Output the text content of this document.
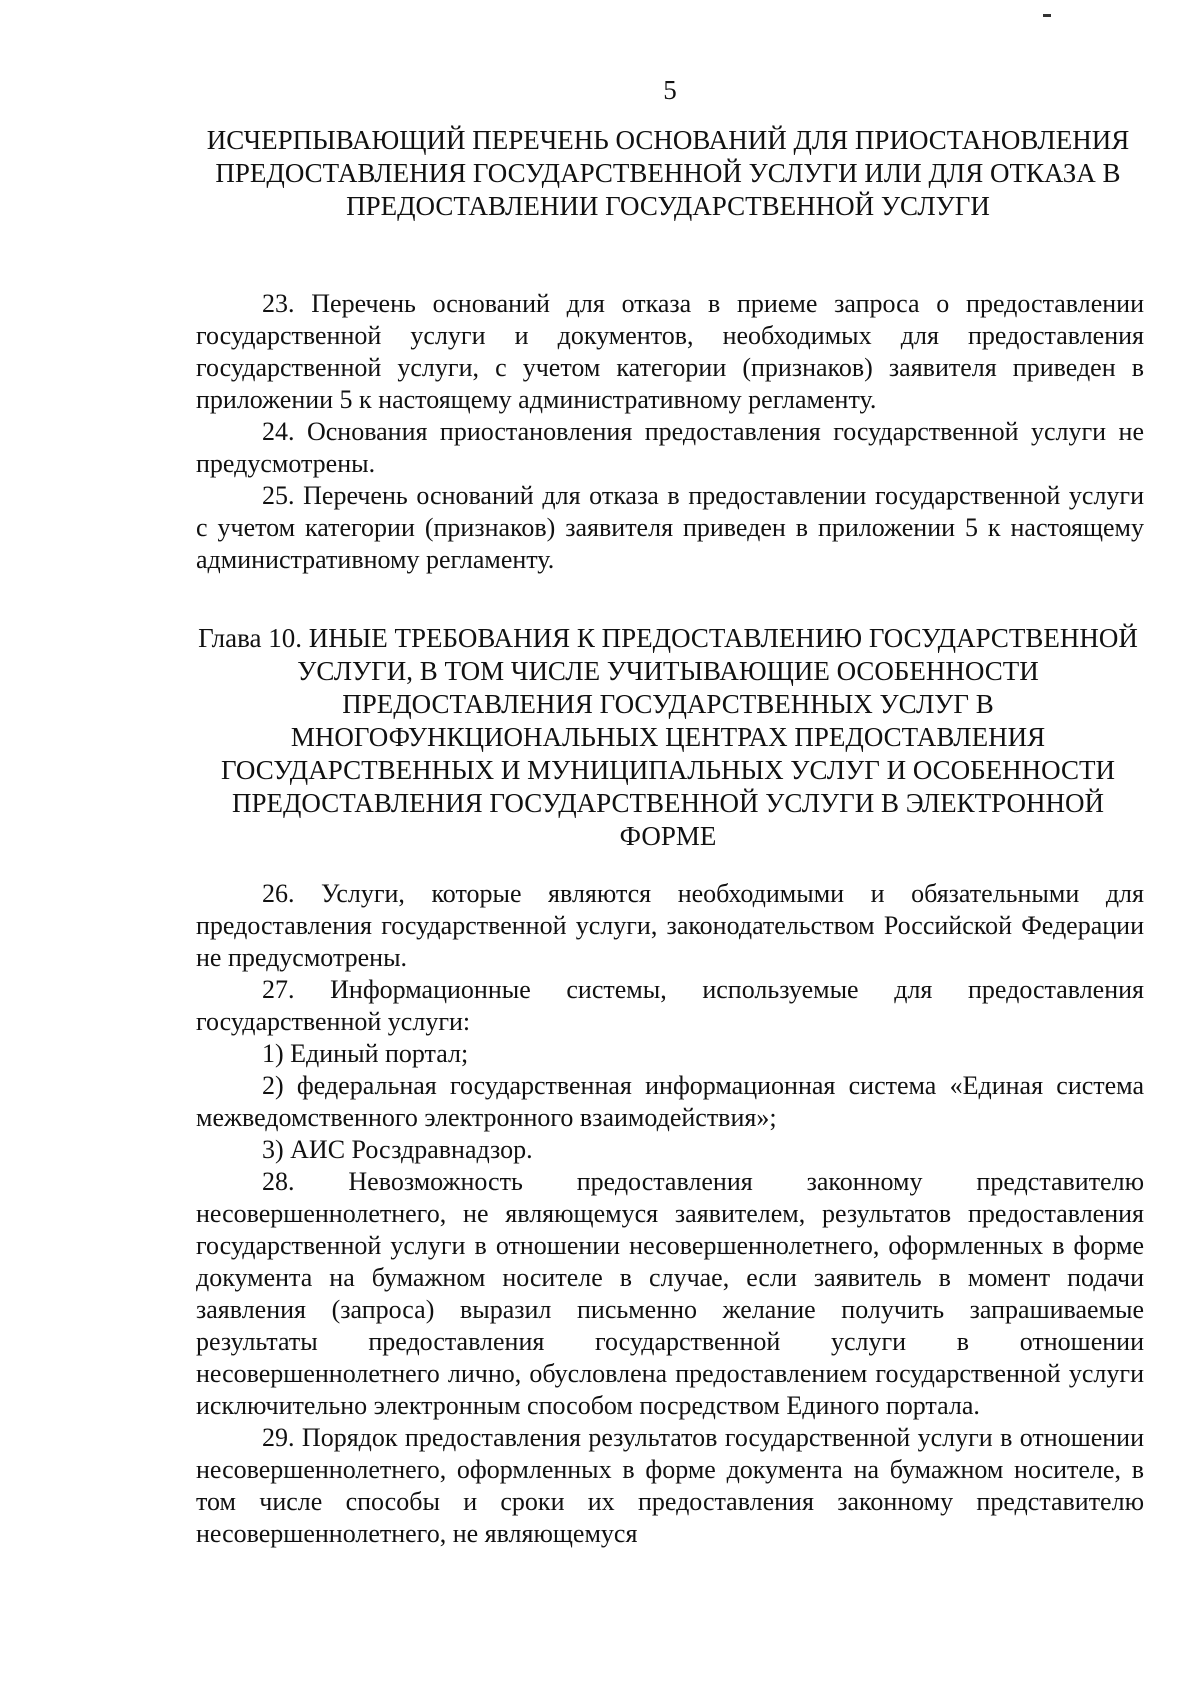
5
ИСЧЕРПЫВАЮЩИЙ ПЕРЕЧЕНЬ ОСНОВАНИЙ ДЛЯ ПРИОСТАНОВЛЕНИЯ ПРЕДОСТАВЛЕНИЯ ГОСУДАРСТВЕННОЙ УСЛУГИ ИЛИ ДЛЯ ОТКАЗА В ПРЕДОСТАВЛЕНИИ ГОСУДАРСТВЕННОЙ УСЛУГИ

23. Перечень оснований для отказа в приеме запроса о предоставлении государственной услуги и документов, необходимых для предоставления государственной услуги, с учетом категории (признаков) заявителя приведен в приложении 5 к настоящему административному регламенту.

24. Основания приостановления предоставления государственной услуги не предусмотрены.

25. Перечень оснований для отказа в предоставлении государственной услуги с учетом категории (признаков) заявителя приведен в приложении 5 к настоящему административному регламенту.

Глава 10. ИНЫЕ ТРЕБОВАНИЯ К ПРЕДОСТАВЛЕНИЮ ГОСУДАРСТВЕННОЙ УСЛУГИ, В ТОМ ЧИСЛЕ УЧИТЫВАЮЩИЕ ОСОБЕННОСТИ ПРЕДОСТАВЛЕНИЯ ГОСУДАРСТВЕННЫХ УСЛУГ В МНОГОФУНКЦИОНАЛЬНЫХ ЦЕНТРАХ ПРЕДОСТАВЛЕНИЯ ГОСУДАРСТВЕННЫХ И МУНИЦИПАЛЬНЫХ УСЛУГ И ОСОБЕННОСТИ ПРЕДОСТАВЛЕНИЯ ГОСУДАРСТВЕННОЙ УСЛУГИ В ЭЛЕКТРОННОЙ ФОРМЕ

26. Услуги, которые являются необходимыми и обязательными для предоставления государственной услуги, законодательством Российской Федерации не предусмотрены.

27. Информационные системы, используемые для предоставления государственной услуги:

1) Единый портал;

2) федеральная государственная информационная система «Единая система межведомственного электронного взаимодействия»;

3) АИС Росздравнадзор.

28. Невозможность предоставления законному представителю несовершеннолетнего, не являющемуся заявителем, результатов предоставления государственной услуги в отношении несовершеннолетнего, оформленных в форме документа на бумажном носителе в случае, если заявитель в момент подачи заявления (запроса) выразил письменно желание получить запрашиваемые результаты предоставления государственной услуги в отношении несовершеннолетнего лично, обусловлена предоставлением государственной услуги исключительно электронным способом посредством Единого портала.

29. Порядок предоставления результатов государственной услуги в отношении несовершеннолетнего, оформленных в форме документа на бумажном носителе, в том числе способы и сроки их предоставления законному представителю несовершеннолетнего, не являющемуся
